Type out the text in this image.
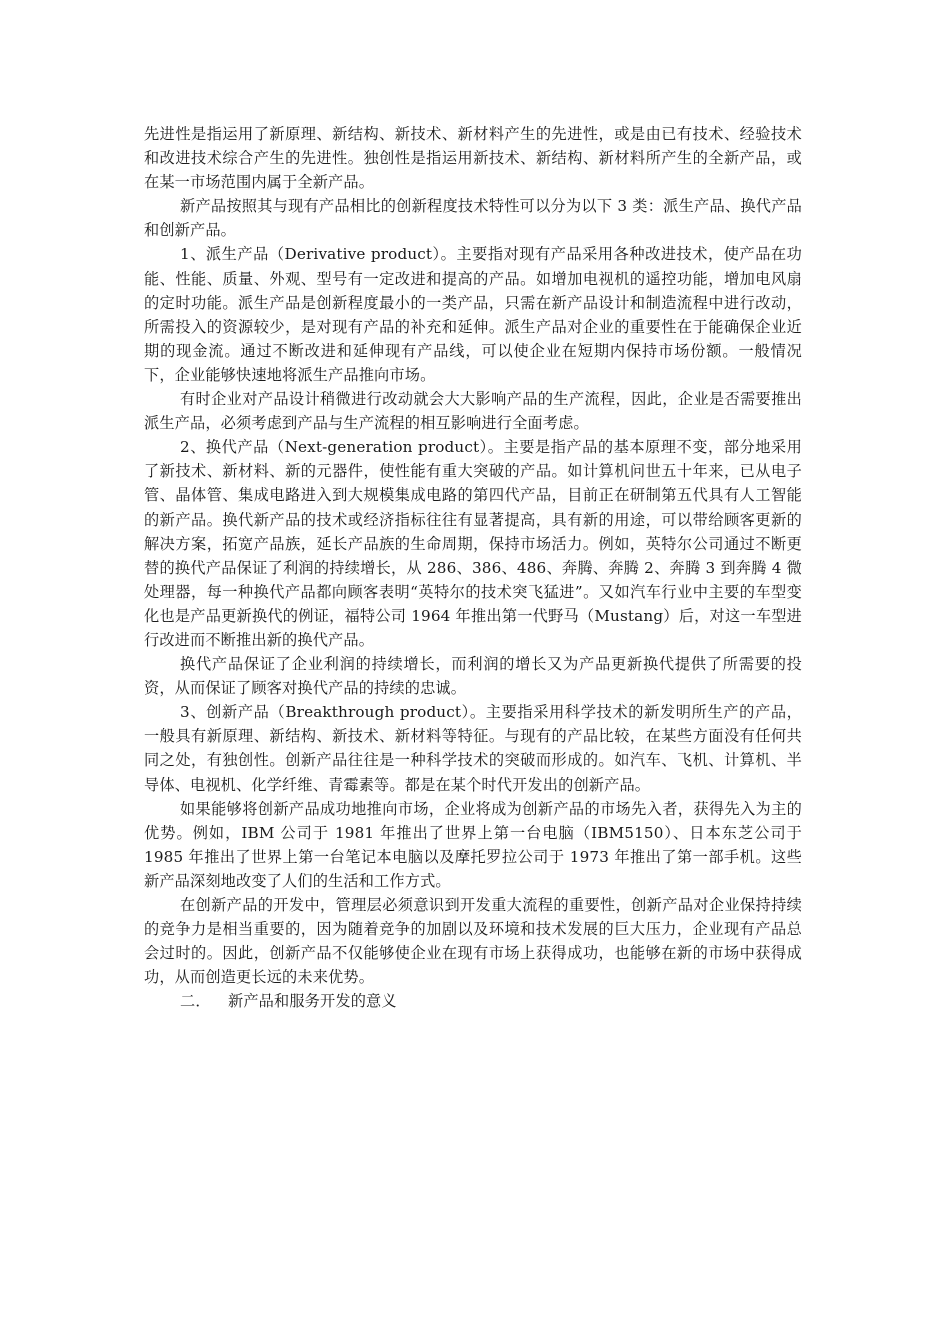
先进性是指运用了新原理、新结构、新技术、新材料产生的先进性，或是由已有技术、经验技术和改进技术综合产生的先进性。独创性是指运用新技术、新结构、新材料所产生的全新产品，或在某一市场范围内属于全新产品。

新产品按照其与现有产品相比的创新程度技术特性可以分为以下 3 类：派生产品、换代产品和创新产品。

1、派生产品（Derivative product）。主要指对现有产品采用各种改进技术，使产品在功能、性能、质量、外观、型号有一定改进和提高的产品。如增加电视机的遥控功能，增加电风扇的定时功能。派生产品是创新程度最小的一类产品，只需在新产品设计和制造流程中进行改动，所需投入的资源较少，是对现有产品的补充和延伸。派生产品对企业的重要性在于能确保企业近期的现金流。通过不断改进和延伸现有产品线，可以使企业在短期内保持市场份额。一般情况下，企业能够快速地将派生产品推向市场。

有时企业对产品设计稍微进行改动就会大大影响产品的生产流程，因此，企业是否需要推出派生产品，必须考虑到产品与生产流程的相互影响进行全面考虑。

2、换代产品（Next-generation product）。主要是指产品的基本原理不变，部分地采用了新技术、新材料、新的元器件，使性能有重大突破的产品。如计算机问世五十年来，已从电子管、晶体管、集成电路进入到大规模集成电路的第四代产品，目前正在研制第五代具有人工智能的新产品。换代新产品的技术或经济指标往往有显著提高，具有新的用途，可以带给顾客更新的解决方案，拓宽产品族，延长产品族的生命周期，保持市场活力。例如，英特尔公司通过不断更替的换代产品保证了利润的持续增长，从 286、386、486、奔腾、奔腾 2、奔腾 3 到奔腾 4 微处理器，每一种换代产品都向顾客表明“英特尔的技术突飞猛进”。又如汽车行业中主要的车型变化也是产品更新换代的例证，福特公司 1964 年推出第一代野马（Mustang）后，对这一车型进行改进而不断推出新的换代产品。

换代产品保证了企业利润的持续增长，而利润的增长又为产品更新换代提供了所需要的投资，从而保证了顾客对换代产品的持续的忠诚。

3、创新产品（Breakthrough product）。主要指采用科学技术的新发明所生产的产品，一般具有新原理、新结构、新技术、新材料等特征。与现有的产品比较，在某些方面没有任何共同之处，有独创性。创新产品往往是一种科学技术的突破而形成的。如汽车、飞机、计算机、半导体、电视机、化学纤维、青霉素等。都是在某个时代开发出的创新产品。

如果能够将创新产品成功地推向市场，企业将成为创新产品的市场先入者，获得先入为主的优势。例如，IBM 公司于 1981 年推出了世界上第一台电脑（IBM5150）、日本东芝公司于 1985 年推出了世界上第一台笔记本电脑以及摩托罗拉公司于 1973 年推出了第一部手机。这些新产品深刻地改变了人们的生活和工作方式。

在创新产品的开发中，管理层必须意识到开发重大流程的重要性，创新产品对企业保持持续的竞争力是相当重要的，因为随着竞争的加剧以及环境和技术发展的巨大压力，企业现有产品总会过时的。因此，创新产品不仅能够使企业在现有市场上获得成功，也能够在新的市场中获得成功，从而创造更长远的未来优势。

二． 新产品和服务开发的意义
